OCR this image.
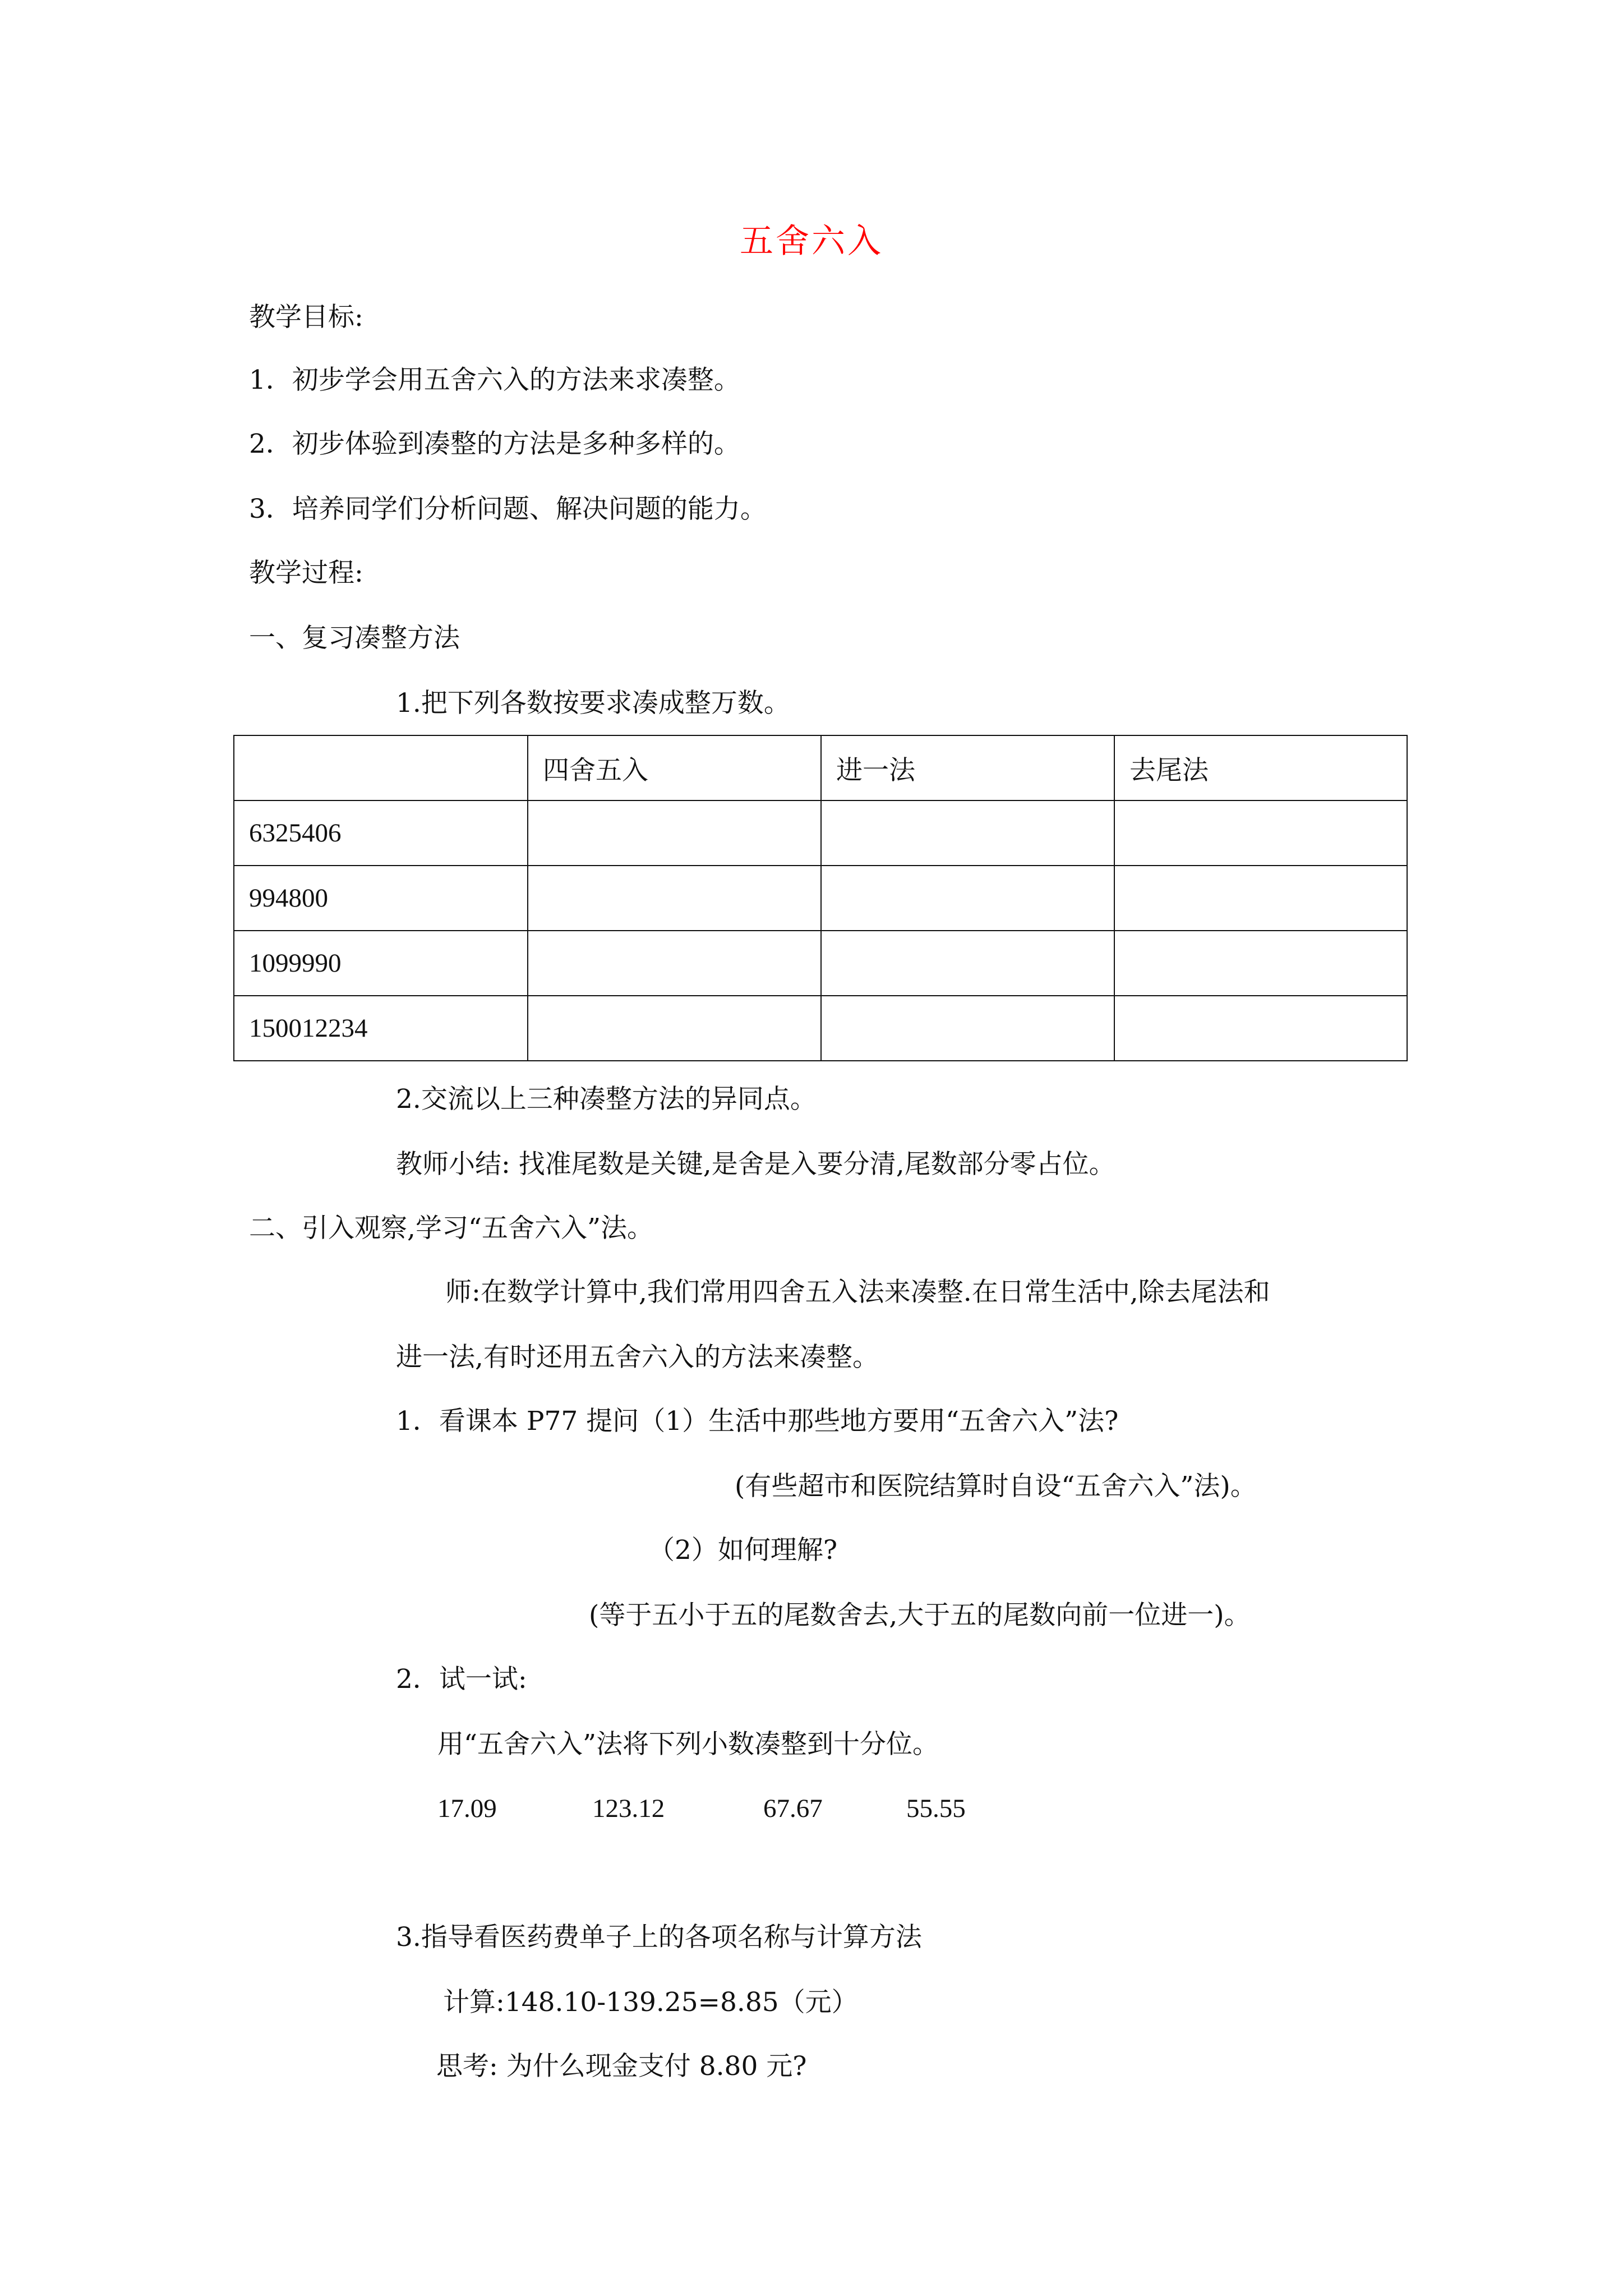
五舍六入
教学目标:
1．初步学会用五舍六入的方法来求凑整。
2．初步体验到凑整的方法是多种多样的。
3．培养同学们分析问题、解决问题的能力。
教学过程:
一、复习凑整方法
1.把下列各数按要求凑成整万数。
	四舍五入	进一法	去尾法
6325406			
994800			
1099990			
150012234			
2.交流以上三种凑整方法的异同点。
教师小结: 找准尾数是关键,是舍是入要分清,尾数部分零占位。
二、引入观察,学习“五舍六入”法。
师:在数学计算中,我们常用四舍五入法来凑整.在日常生活中,除去尾法和
进一法,有时还用五舍六入的方法来凑整。
1．看课本 P77 提问（1）生活中那些地方要用“五舍六入”法?
(有些超市和医院结算时自设“五舍六入”法)。
（2）如何理解?
(等于五小于五的尾数舍去,大于五的尾数向前一位进一)。
2．试一试:
用“五舍六入”法将下列小数凑整到十分位。
17.09	123.12	67.67	55.55
3.指导看医药费单子上的各项名称与计算方法
计算:148.10-139.25=8.85（元）
思考: 为什么现金支付 8.80 元?
